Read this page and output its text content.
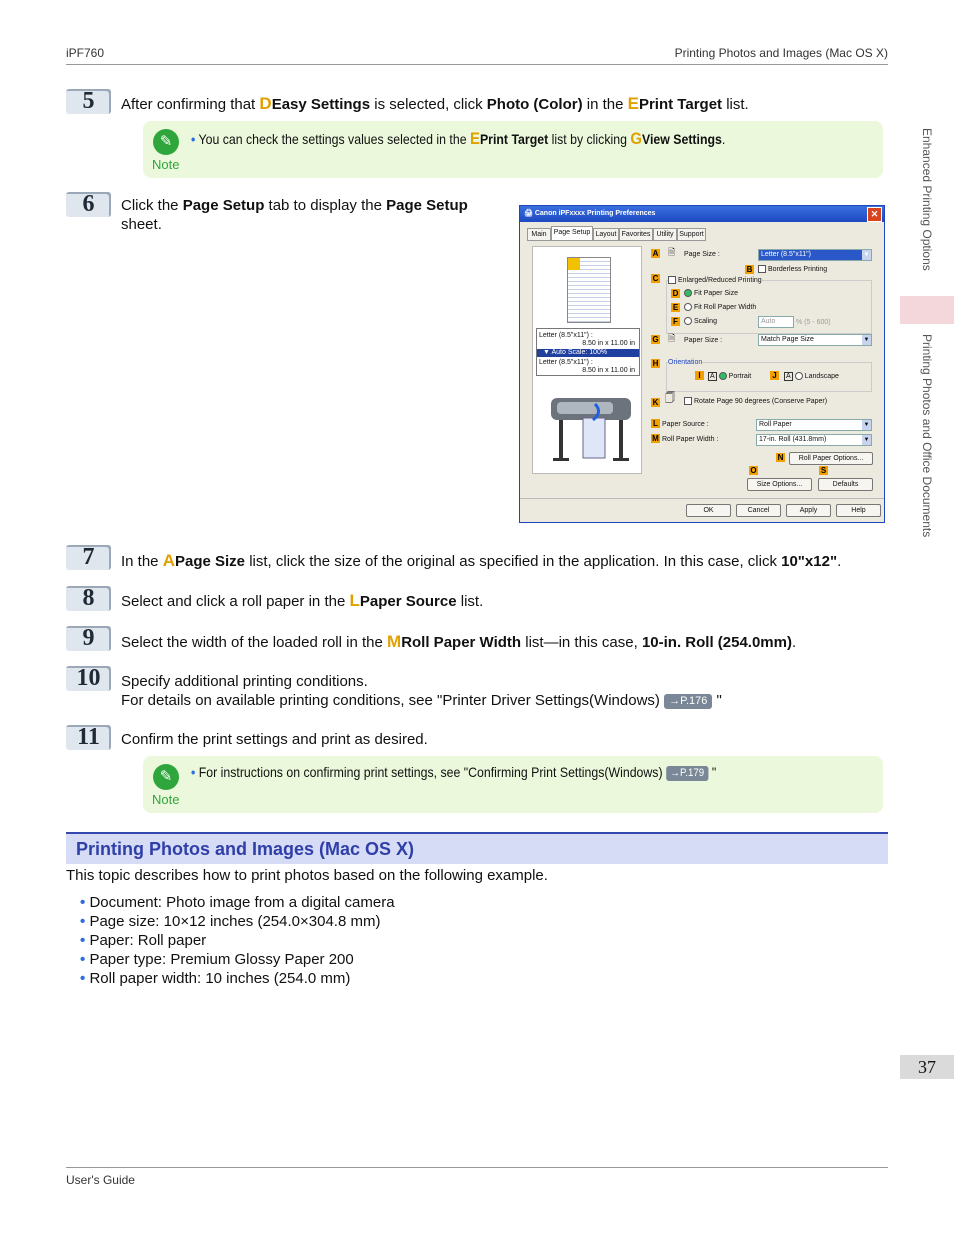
iPF760	Printing Photos and Images (Mac OS X)
Enhanced Printing Options
Printing Photos and Office Documents
5	After confirming that DEasy Settings is selected, click Photo (Color) in the EPrint Target list.
✎
Note
• You can check the settings values selected in the EPrint Target list by clicking GView Settings.
6	Click the Page Setup tab to display the Page Setup
sheet.
🖨 Canon iPFxxxx Printing Preferences	✕
Main	Page Setup Layout Favorites Utility Support
Letter (8.5"x11") :
8.50 in x 11.00 in
▼ Auto Scale: 100%
Letter (8.5"x11") :
8.50 in x 11.00 in
A 🗎 Page Size :	Letter (8.5"x11")	▼
B	Borderless Printing
C	Enlarged/Reduced Printing
D	Fit Paper Size
E	Fit Roll Paper Width
F	Scaling	Auto	% (5 - 600)
G 🗎 Paper Size :	Match Page Size	▼
H Orientation
I	A Portrait	J	A Landscape
K 🗍	Rotate Page 90 degrees (Conserve Paper)
L Paper Source :	Roll Paper	▼
M Roll Paper Width :	17-in. Roll (431.8mm)	▼
N	Roll Paper Options...
O	S
Size Options...	Defaults
OK	Cancel	Apply	Help
7	In the APage Size list, click the size of the original as specified in the application. In this case, click 10"x12".
8	Select and click a roll paper in the LPaper Source list.
9	Select the width of the loaded roll in the MRoll Paper Width list—in this case, 10-in. Roll (254.0mm).
10	Specify additional printing conditions.
For details on available printing conditions, see "Printer Driver Settings(Windows) →P.176 "
11	Confirm the print settings and print as desired.
✎
Note
• For instructions on confirming print settings, see "Confirming Print Settings(Windows) →P.179 "
Printing Photos and Images (Mac OS X)
This topic describes how to print photos based on the following example.
• Document: Photo image from a digital camera
• Page size: 10×12 inches (254.0×304.8 mm)
• Paper: Roll paper
• Paper type: Premium Glossy Paper 200
• Roll paper width: 10 inches (254.0 mm)
37
User's Guide
